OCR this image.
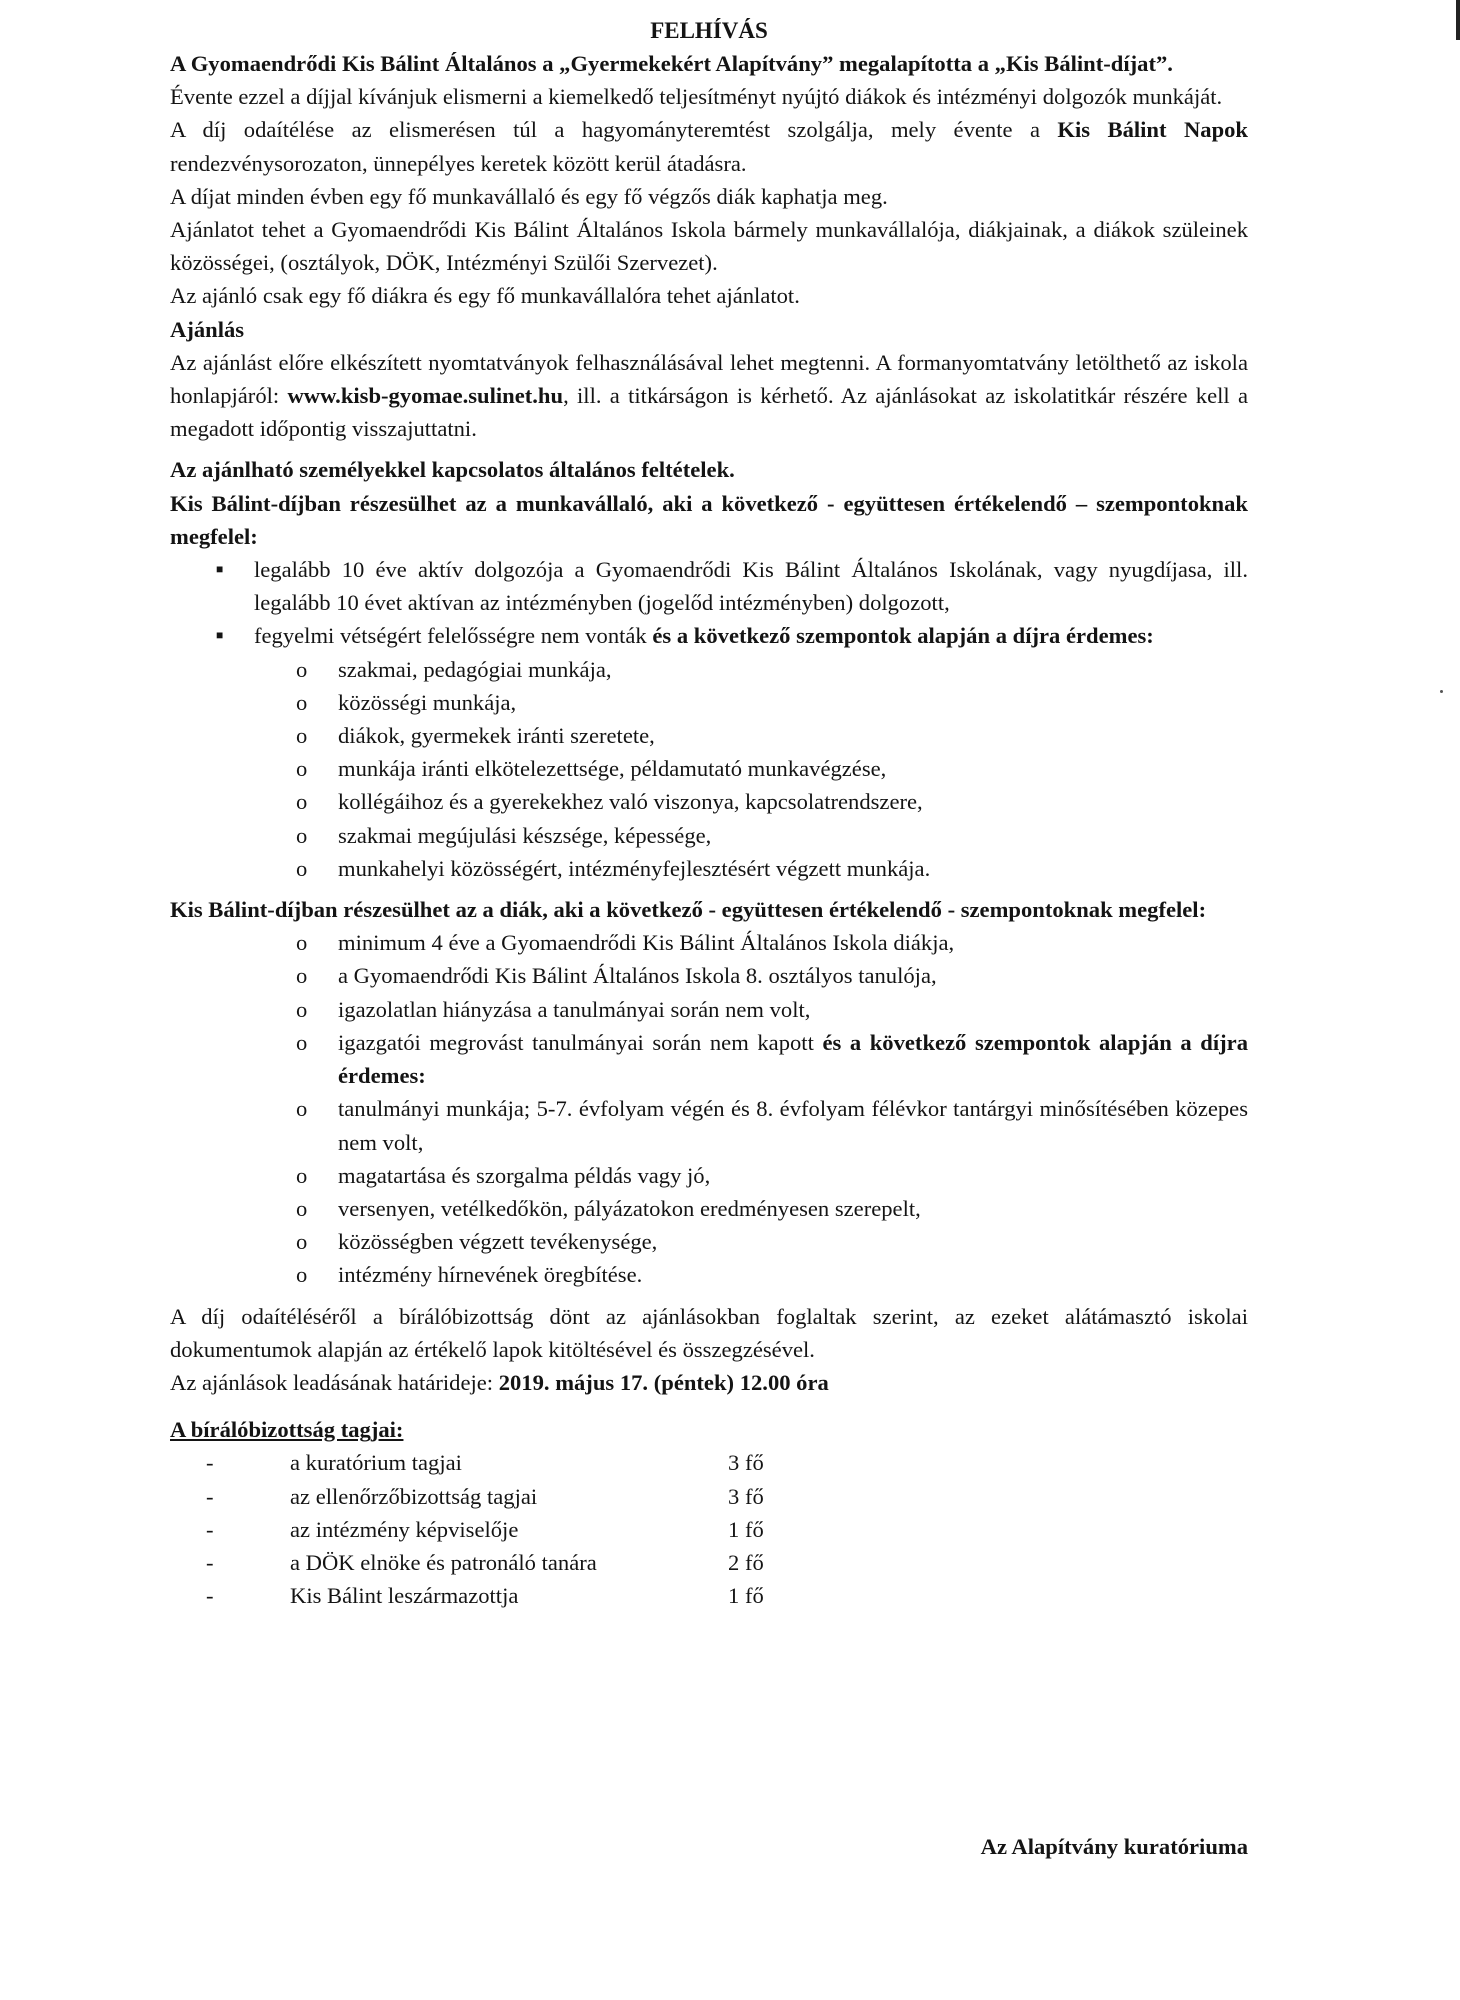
FELHÍVÁS

A Gyomaendrődi Kis Bálint Általános a „Gyermekekért Alapítvány” megalapította a „Kis Bálint-díjat”.

Évente ezzel a díjjal kívánjuk elismerni a kiemelkedő teljesítményt nyújtó diákok és intézményi dolgozók munkáját.

A díj odaítélése az elismerésen túl a hagyományteremtést szolgálja, mely évente a Kis Bálint Napok rendezvénysorozaton, ünnepélyes keretek között kerül átadásra.

A díjat minden évben egy fő munkavállaló és egy fő végzős diák kaphatja meg.

Ajánlatot tehet a Gyomaendrődi Kis Bálint Általános Iskola bármely munkavállalója, diákjainak, a diákok szüleinek közösségei, (osztályok, DÖK, Intézményi Szülői Szervezet).

Az ajánló csak egy fő diákra és egy fő munkavállalóra tehet ajánlatot.

Ajánlás

Az ajánlást előre elkészített nyomtatványok felhasználásával lehet megtenni. A formanyomtatvány letölthető az iskola honlapjáról: www.kisb-gyomae.sulinet.hu, ill. a titkárságon is kérhető. Az ajánlásokat az iskolatitkár részére kell a megadott időpontig visszajuttatni.

Az ajánlható személyekkel kapcsolatos általános feltételek.

Kis Bálint-díjban részesülhet az a munkavállaló, aki a következő - együttesen értékelendő – szempontoknak megfelel:

■ legalább 10 éve aktív dolgozója a Gyomaendrődi Kis Bálint Általános Iskolának, vagy nyugdíjasa, ill. legalább 10 évet aktívan az intézményben (jogelőd intézményben) dolgozott,
■ fegyelmi vétségért felelősségre nem vonták és a következő szempontok alapján a díjra érdemes:
o szakmai, pedagógiai munkája,
o közösségi munkája,
o diákok, gyermekek iránti szeretete,
o munkája iránti elkötelezettsége, példamutató munkavégzése,
o kollégáihoz és a gyerekekhez való viszonya, kapcsolatrendszere,
o szakmai megújulási készsége, képessége,
o munkahelyi közösségért, intézményfejlesztésért végzett munkája.

Kis Bálint-díjban részesülhet az a diák, aki a következő - együttesen értékelendő - szempontoknak megfelel:

o minimum 4 éve a Gyomaendrődi Kis Bálint Általános Iskola diákja,
o a Gyomaendrődi Kis Bálint Általános Iskola 8. osztályos tanulója,
o igazolatlan hiányzása a tanulmányai során nem volt,
o igazgatói megrovást tanulmányai során nem kapott és a következő szempontok alapján a díjra érdemes:
o tanulmányi munkája; 5-7. évfolyam végén és 8. évfolyam félévkor tantárgyi minősítésében közepes nem volt,
o magatartása és szorgalma példás vagy jó,
o versenyen, vetélkedőkön, pályázatokon eredményesen szerepelt,
o közösségben végzett tevékenysége,
o intézmény hírnevének öregbítése.

A díj odaítéléséről a bírálóbizottság dönt az ajánlásokban foglaltak szerint, az ezeket alátámasztó iskolai dokumentumok alapján az értékelő lapok kitöltésével és összegzésével.

Az ajánlások leadásának határideje: 2019. május 17. (péntek) 12.00 óra

A bírálóbizottság tagjai:
-	a kuratórium tagjai	3 fő
-	az ellenőrzőbizottság tagjai	3 fő
-	az intézmény képviselője	1 fő
-	a DÖK elnöke és patronáló tanára	2 fő
-	Kis Bálint leszármazottja	1 fő
Az Alapítvány kuratóriuma
